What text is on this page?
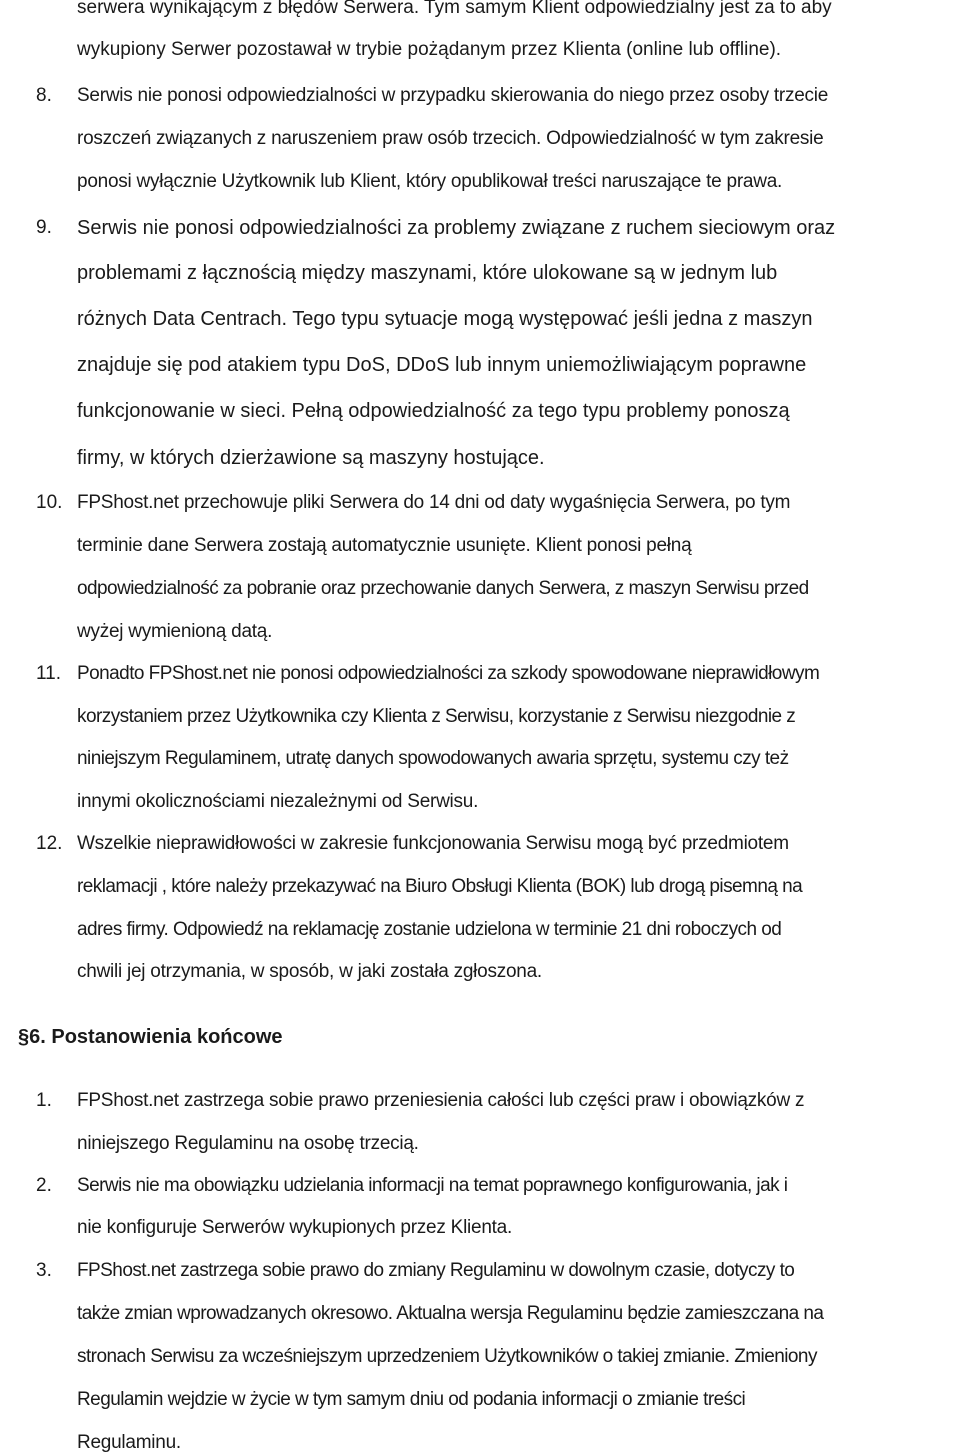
serwera wynikającym z błędów Serwera. Tym samym Klient odpowiedzialny jest za to aby
wykupiony Serwer pozostawał w trybie pożądanym przez Klienta (online lub offline).
8. Serwis nie ponosi odpowiedzialności w przypadku skierowania do niego przez osoby trzecie
roszczeń związanych z naruszeniem praw osób trzecich. Odpowiedzialność w tym zakresie
ponosi wyłącznie Użytkownik lub Klient, który opublikował treści naruszające te prawa.
9. Serwis nie ponosi odpowiedzialności za problemy związane z ruchem sieciowym oraz
problemami z łącznością między maszynami, które ulokowane są w jednym lub
różnych Data Centrach. Tego typu sytuacje mogą występować jeśli jedna z maszyn
znajduje się pod atakiem typu DoS, DDoS lub innym uniemożliwiającym poprawne
funkcjonowanie w sieci. Pełną odpowiedzialność za tego typu problemy ponoszą
firmy, w których dzierżawione są maszyny hostujące.
10. FPShost.net przechowuje pliki Serwera do 14 dni od daty wygaśnięcia Serwera, po tym
terminie dane Serwera zostają automatycznie usunięte. Klient ponosi pełną
odpowiedzialność za pobranie oraz przechowanie danych Serwera, z maszyn Serwisu przed
wyżej wymienioną datą.
11. Ponadto FPShost.net nie ponosi odpowiedzialności za szkody spowodowane nieprawidłowym
korzystaniem przez Użytkownika czy Klienta z Serwisu, korzystanie z Serwisu niezgodnie z
niniejszym Regulaminem, utratę danych spowodowanych awaria sprzętu, systemu czy też
innymi okolicznościami niezależnymi od Serwisu.
12. Wszelkie nieprawidłowości w zakresie funkcjonowania Serwisu mogą być przedmiotem
reklamacji , które należy przekazywać na Biuro Obsługi Klienta (BOK) lub drogą pisemną na
adres firmy. Odpowiedź na reklamację zostanie udzielona w terminie 21 dni roboczych od
chwili jej otrzymania, w sposób, w jaki została zgłoszona.
§6. Postanowienia końcowe
1. FPShost.net zastrzega sobie prawo przeniesienia całości lub części praw i obowiązków z
niniejszego Regulaminu na osobę trzecią.
2. Serwis nie ma obowiązku udzielania informacji na temat poprawnego konfigurowania, jak i
nie konfiguruje Serwerów wykupionych przez Klienta.
3. FPShost.net zastrzega sobie prawo do zmiany Regulaminu w dowolnym czasie, dotyczy to
także zmian wprowadzanych okresowo. Aktualna wersja Regulaminu będzie zamieszczana na
stronach Serwisu za wcześniejszym uprzedzeniem Użytkowników o takiej zmianie. Zmieniony
Regulamin wejdzie w życie w tym samym dniu od podania informacji o zmianie treści
Regulaminu.
